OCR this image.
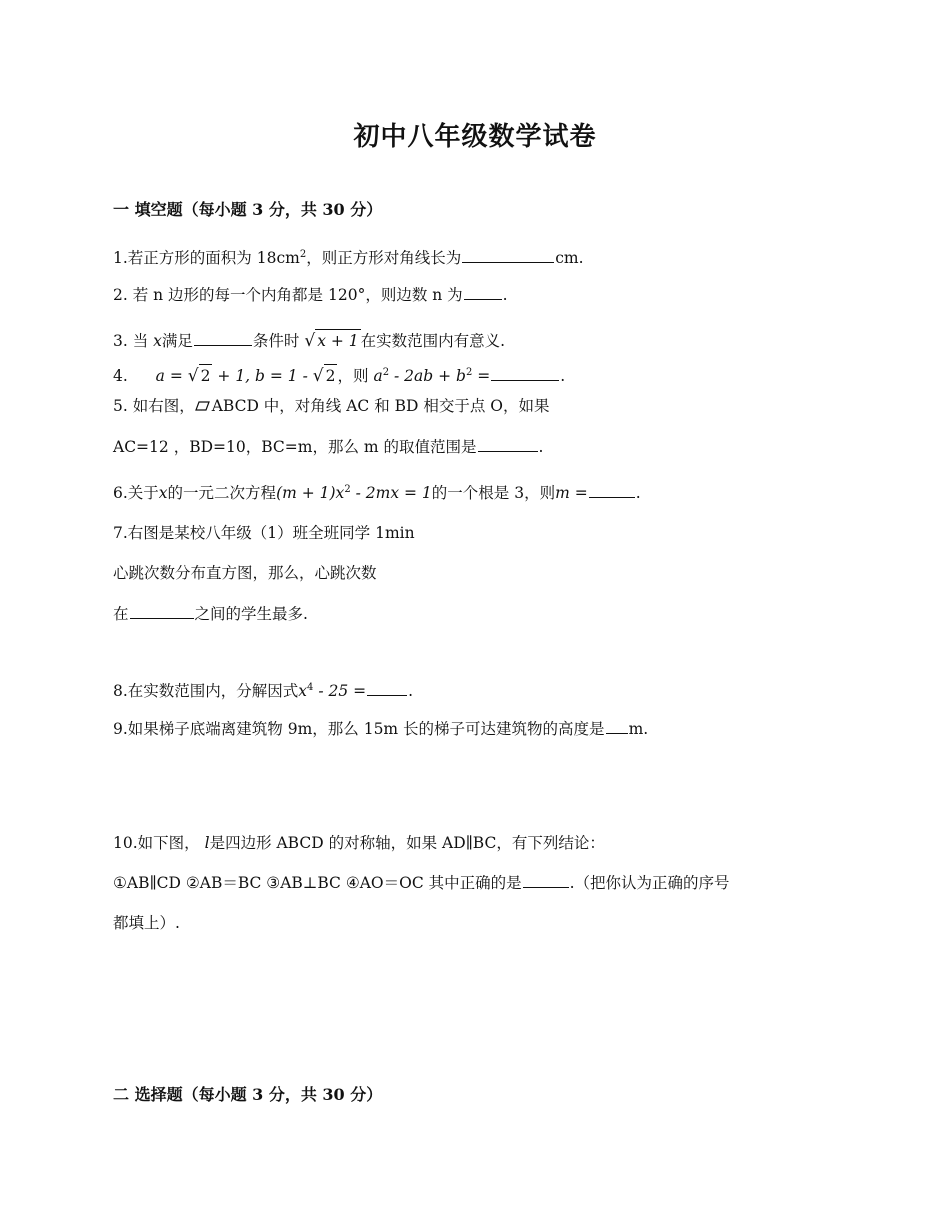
初中八年级数学试卷
一 填空题（每小题 3 分，共 30 分）
1.若正方形的面积为 $18cm^2$，则正方形对角线长为	cm.
2. 若 n 边形的每一个内角都是 120°，则边数 n 为	.
3. 当 x满足	条件时 √ x + 1 在实数范围内有意义.
4. a = √ 2 + 1, b = 1 - √ 2 ，则 $a^2 - 2ab + b^2$ =	.
5. 如右图， ABCD 中，对角线 AC 和 BD 相交于点 O，如果
AC=12 ，BD=10，BC=m，那么 m 的取值范围是	.
6.关于x的一元二次方程$(m + 1)x^2 - 2mx = 1$的一个根是 3，则m =	.
7.右图是某校八年级（1）班全班同学 1min
心跳次数分布直方图，那么，心跳次数
在	之间的学生最多.
8.在实数范围内，分解因式$x^4 - 25$ =	.
9.如果梯子底端离建筑物 9m，那么 15m 长的梯子可达建筑物的高度是 m.
10.如下图， l是四边形 ABCD 的对称轴，如果 AD∥BC，有下列结论：
①AB∥CD ②AB＝BC ③AB⊥BC ④AO＝OC 其中正确的是	.（把你认为正确的序号
都填上）.
二 选择题（每小题 3 分，共 30 分）
